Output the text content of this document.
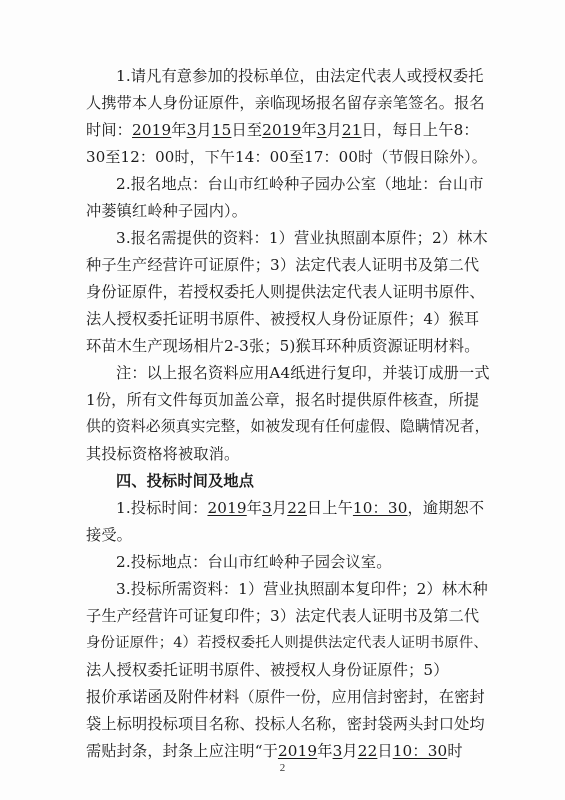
1.请凡有意参加的投标单位，由法定代表人或授权委托
人携带本人身份证原件，亲临现场报名留存亲笔签名。报名
时间：2019年3月15日至2019年3月21日，每日上午8：
30至12：00时，下午14：00至17：00时（节假日除外）。
2.报名地点：台山市红岭种子园办公室（地址：台山市
冲蒌镇红岭种子园内）。
3.报名需提供的资料：1）营业执照副本原件；2）林木
种子生产经营许可证原件；3）法定代表人证明书及第二代
身份证原件，若授权委托人则提供法定代表人证明书原件、
法人授权委托证明书原件、被授权人身份证原件；4）猴耳
环苗木生产现场相片2-3张；5)猴耳环种质资源证明材料。
注：以上报名资料应用A4纸进行复印，并装订成册一式
1份，所有文件每页加盖公章，报名时提供原件核查，所提
供的资料必须真实完整，如被发现有任何虚假、隐瞒情况者，
其投标资格将被取消。
四、投标时间及地点
1.投标时间：2019年3月22日上午10：30，逾期恕不
接受。
2.投标地点：台山市红岭种子园会议室。
3.投标所需资料：1）营业执照副本复印件；2）林木种
子生产经营许可证复印件；3）法定代表人证明书及第二代
身份证原件；4）若授权委托人则提供法定代表人证明书原件、
法人授权委托证明书原件、被授权人身份证原件；5）
报价承诺函及附件材料（原件一份，应用信封密封，在密封
袋上标明投标项目名称、投标人名称，密封袋两头封口处均
需贴封条，封条上应注明“于2019年3月22日10：30时
2
